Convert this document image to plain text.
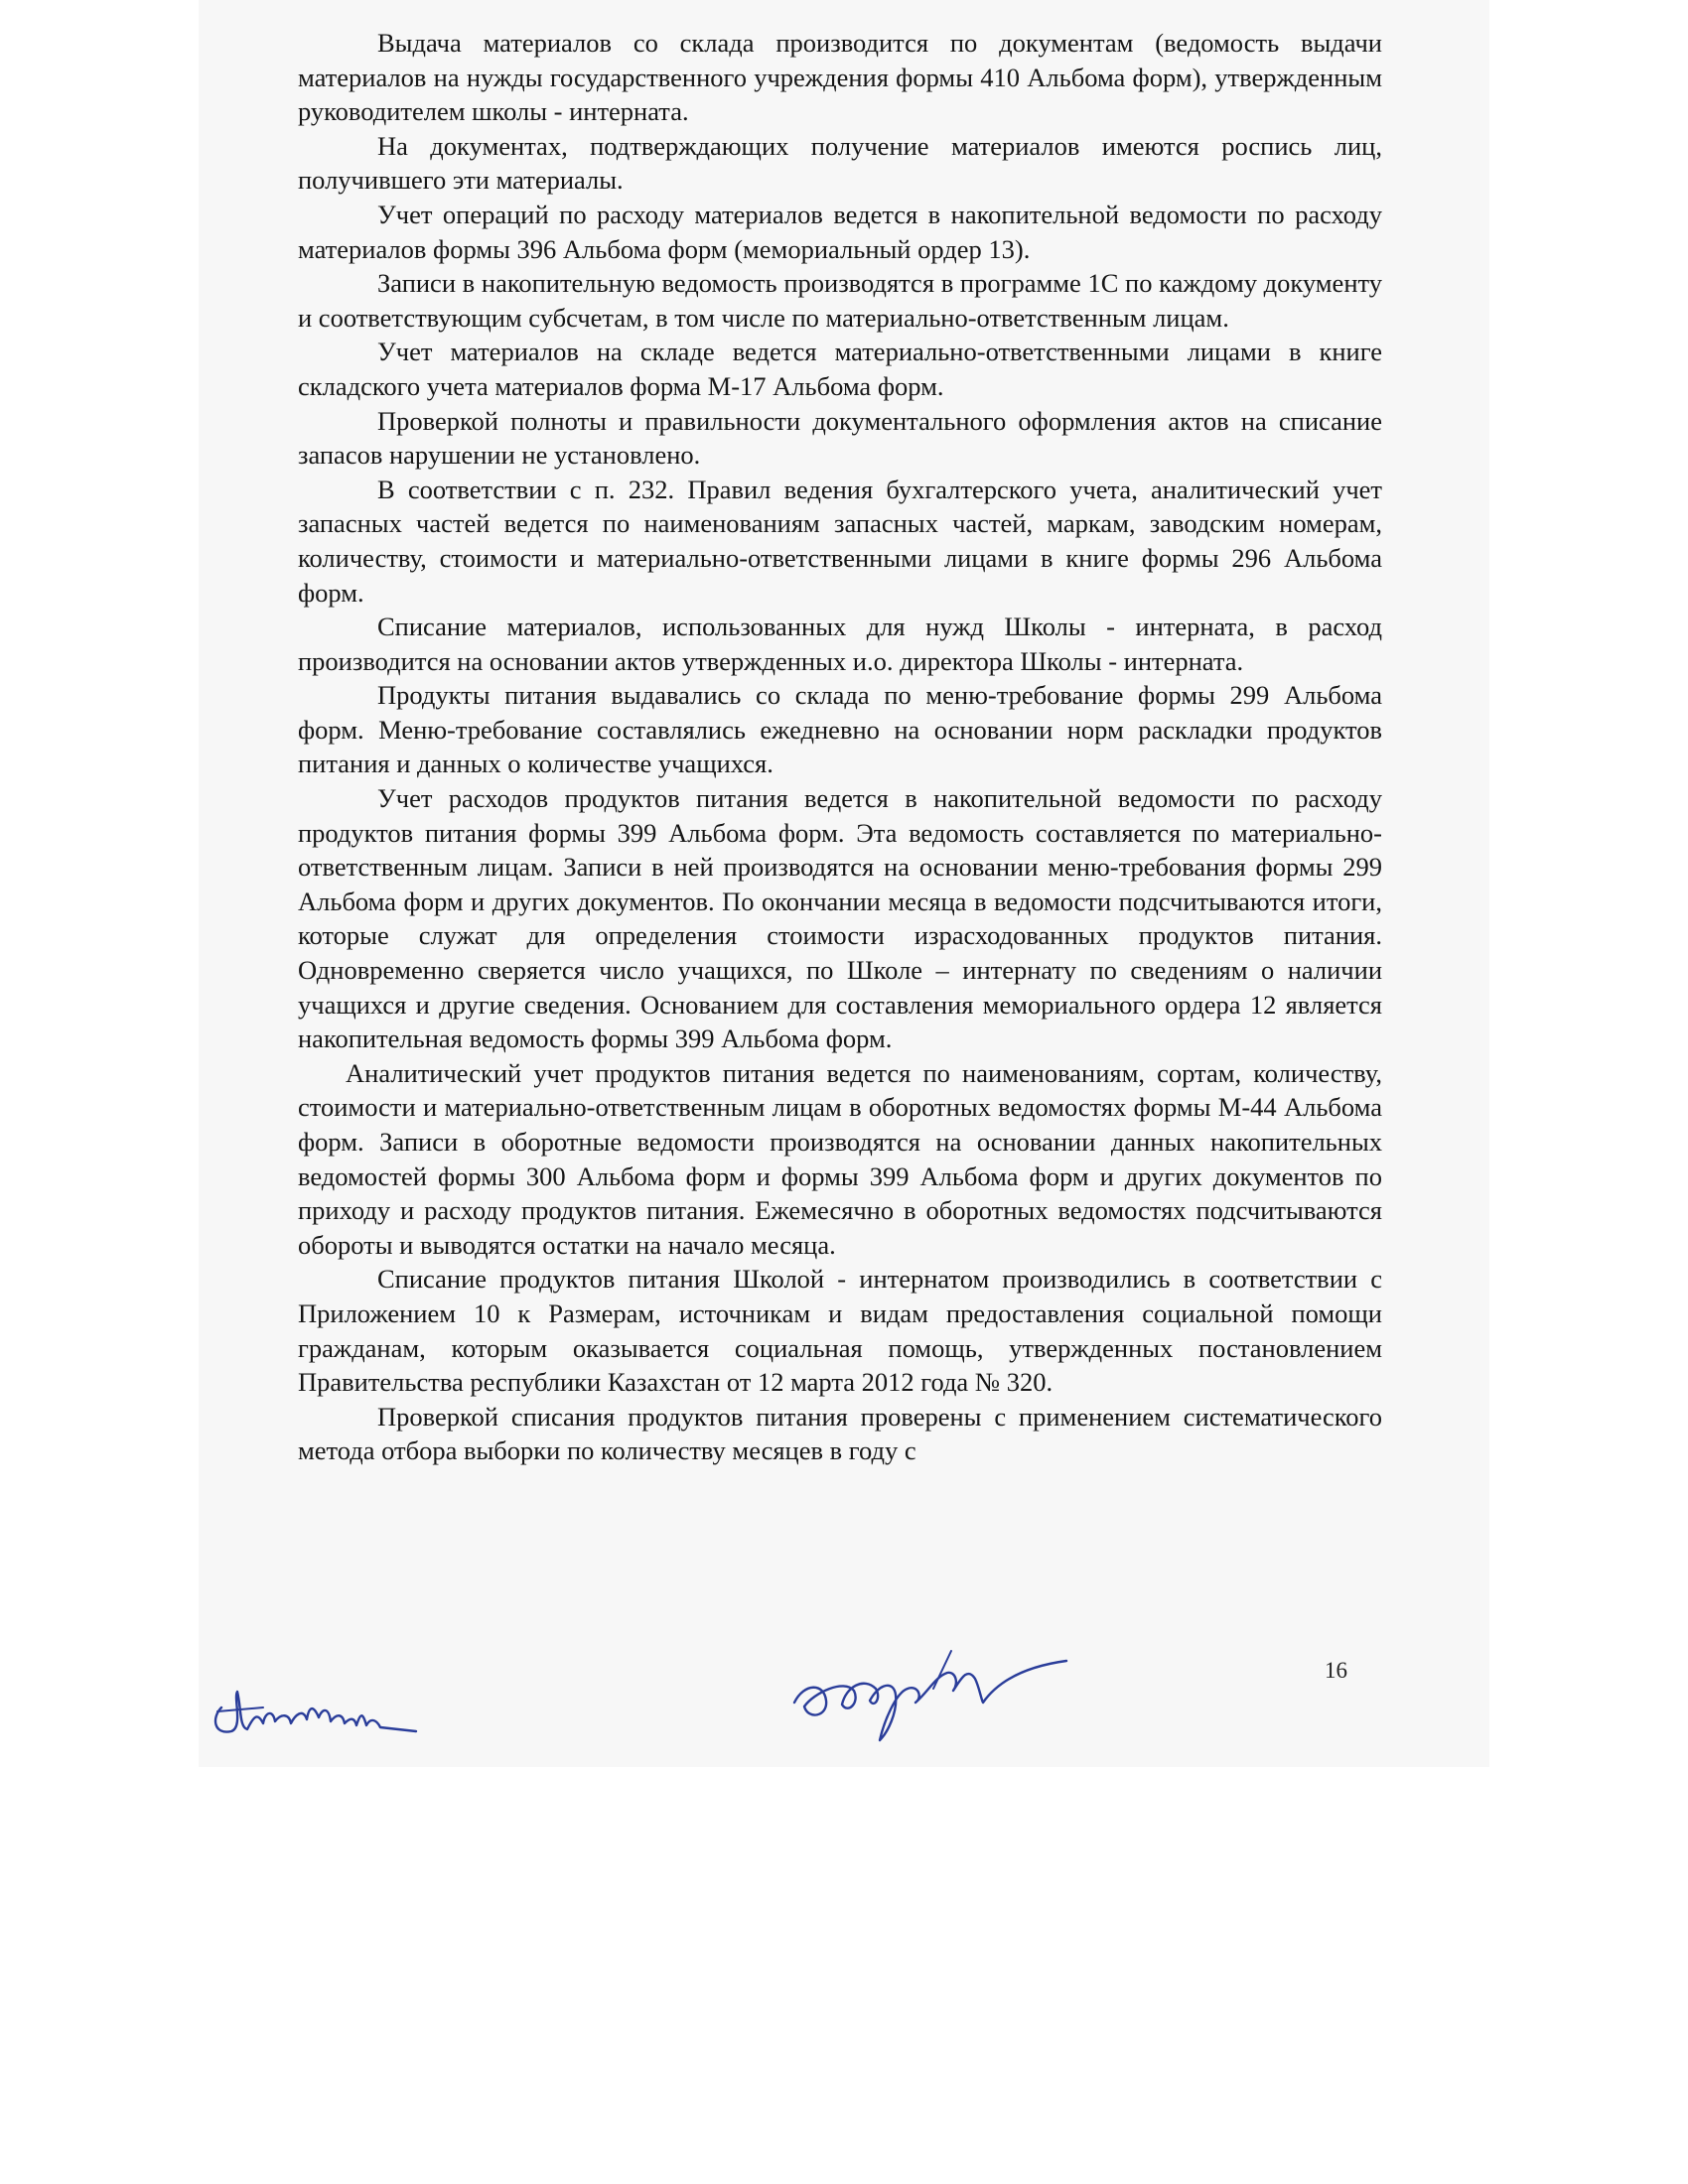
Выдача материалов со склада производится по документам (ведомость выдачи материалов на нужды государственного учреждения формы 410 Альбома форм), утвержденным руководителем школы - интерната.

На документах, подтверждающих получение материалов имеются роспись лиц, получившего эти материалы.

Учет операций по расходу материалов ведется в накопительной ведомости по расходу материалов формы 396 Альбома форм (мемориальный ордер 13).

Записи в накопительную ведомость производятся в программе 1С по каждому документу и соответствующим субсчетам, в том числе по материально-ответственным лицам.

Учет материалов на складе ведется материально-ответственными лицами в книге складского учета материалов форма М-17 Альбома форм.

Проверкой полноты и правильности документального оформления актов на списание запасов нарушении не установлено.

В соответствии с п. 232. Правил ведения бухгалтерского учета, аналитический учет запасных частей ведется по наименованиям запасных частей, маркам, заводским номерам, количеству, стоимости и материально-ответственными лицами в книге формы 296 Альбома форм.

Списание материалов, использованных для нужд Школы - интерната, в расход производится на основании актов утвержденных и.о. директора Школы - интерната.

Продукты питания выдавались со склада по меню-требование формы 299 Альбома форм. Меню-требование составлялись ежедневно на основании норм раскладки продуктов питания и данных о количестве учащихся.

Учет расходов продуктов питания ведется в накопительной ведомости по расходу продуктов питания формы 399 Альбома форм. Эта ведомость составляется по материально-ответственным лицам. Записи в ней производятся на основании меню-требования формы 299 Альбома форм и других документов. По окончании месяца в ведомости подсчитываются итоги, которые служат для определения стоимости израсходованных продуктов питания. Одновременно сверяется число учащихся, по Школе – интернату по сведениям о наличии учащихся и другие сведения. Основанием для составления мемориального ордера 12 является накопительная ведомость формы 399 Альбома форм.

Аналитический учет продуктов питания ведется по наименованиям, сортам, количеству, стоимости и материально-ответственным лицам в оборотных ведомостях формы М-44 Альбома форм. Записи в оборотные ведомости производятся на основании данных накопительных ведомостей формы 300 Альбома форм и формы 399 Альбома форм и других документов по приходу и расходу продуктов питания. Ежемесячно в оборотных ведомостях подсчитываются обороты и выводятся остатки на начало месяца.

Списание продуктов питания Школой - интернатом производились в соответствии с Приложением 10 к Размерам, источникам и видам предоставления социальной помощи гражданам, которым оказывается социальная помощь, утвержденных постановлением Правительства республики Казахстан от 12 марта 2012 года № 320.

Проверкой списания продуктов питания проверены с применением систематического метода отбора выборки по количеству месяцев в году с

16
